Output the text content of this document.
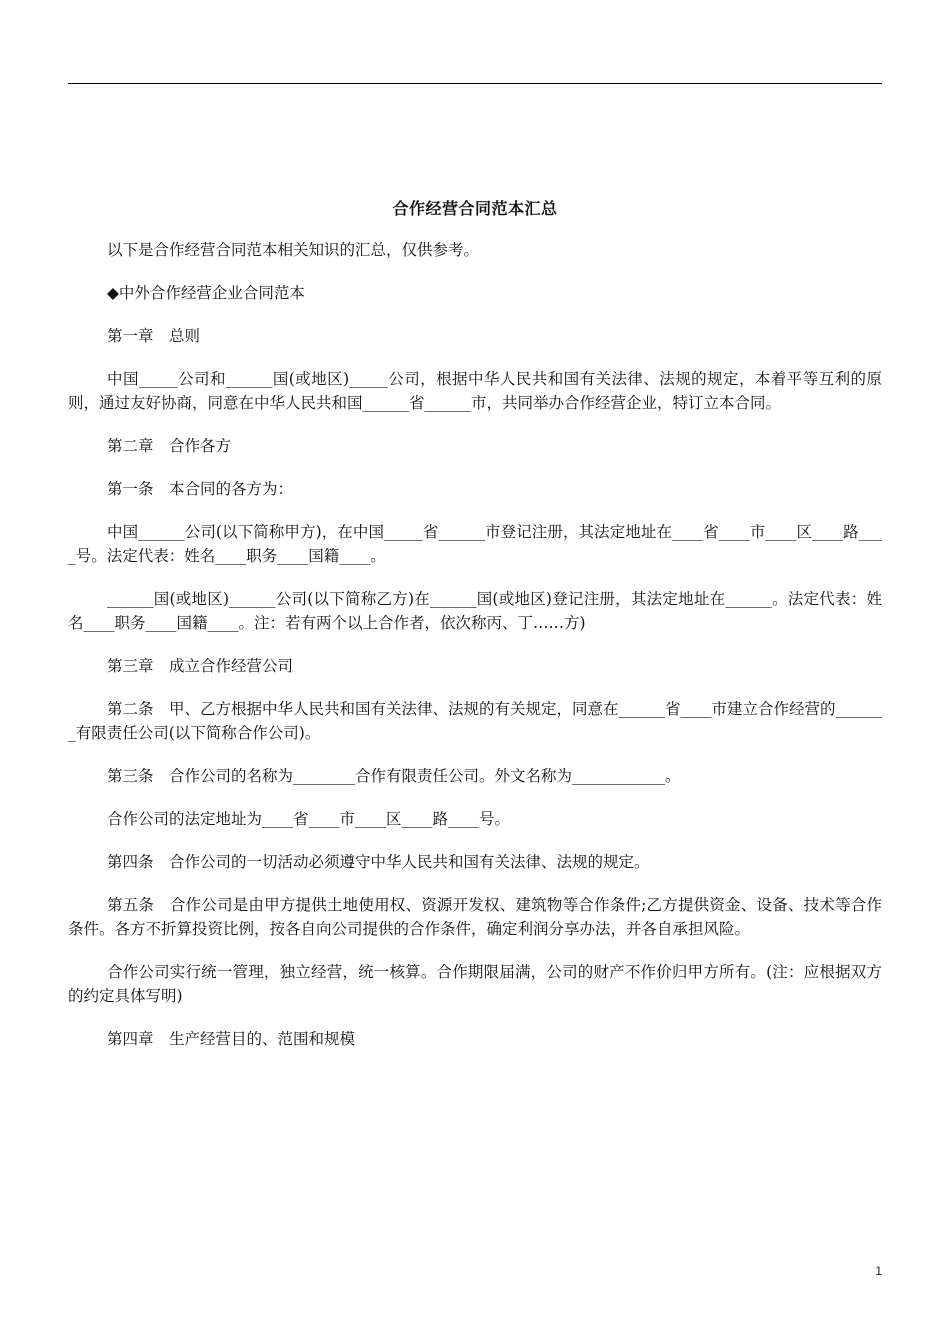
合作经营合同范本汇总

以下是合作经营合同范本相关知识的汇总，仅供参考。

◆中外合作经营企业合同范本

第一章　总则

中国_____公司和______国(或地区)_____公司，根据中华人民共和国有关法律、法规的规定，本着平等互利的原则，通过友好协商，同意在中华人民共和国______省______市，共同举办合作经营企业，特订立本合同。

第二章　合作各方

第一条　本合同的各方为：

中国______公司(以下简称甲方)，在中国_____省______市登记注册，其法定地址在____省____市____区____路____号。法定代表：姓名____职务____国籍____。

______国(或地区)______公司(以下简称乙方)在______国(或地区)登记注册，其法定地址在______。法定代表：姓名____职务____国籍____。注：若有两个以上合作者，依次称丙、丁……方)

第三章　成立合作经营公司

第二条　甲、乙方根据中华人民共和国有关法律、法规的有关规定，同意在______省____市建立合作经营的_______有限责任公司(以下简称合作公司)。

第三条　合作公司的名称为________合作有限责任公司。外文名称为____________。

合作公司的法定地址为____省____市____区____路____号。

第四条　合作公司的一切活动必须遵守中华人民共和国有关法律、法规的规定。

第五条　合作公司是由甲方提供土地使用权、资源开发权、建筑物等合作条件;乙方提供资金、设备、技术等合作条件。各方不折算投资比例，按各自向公司提供的合作条件，确定利润分享办法，并各自承担风险。

合作公司实行统一管理，独立经营，统一核算。合作期限届满，公司的财产不作价归甲方所有。(注：应根据双方的约定具体写明)

第四章　生产经营目的、范围和规模

1
